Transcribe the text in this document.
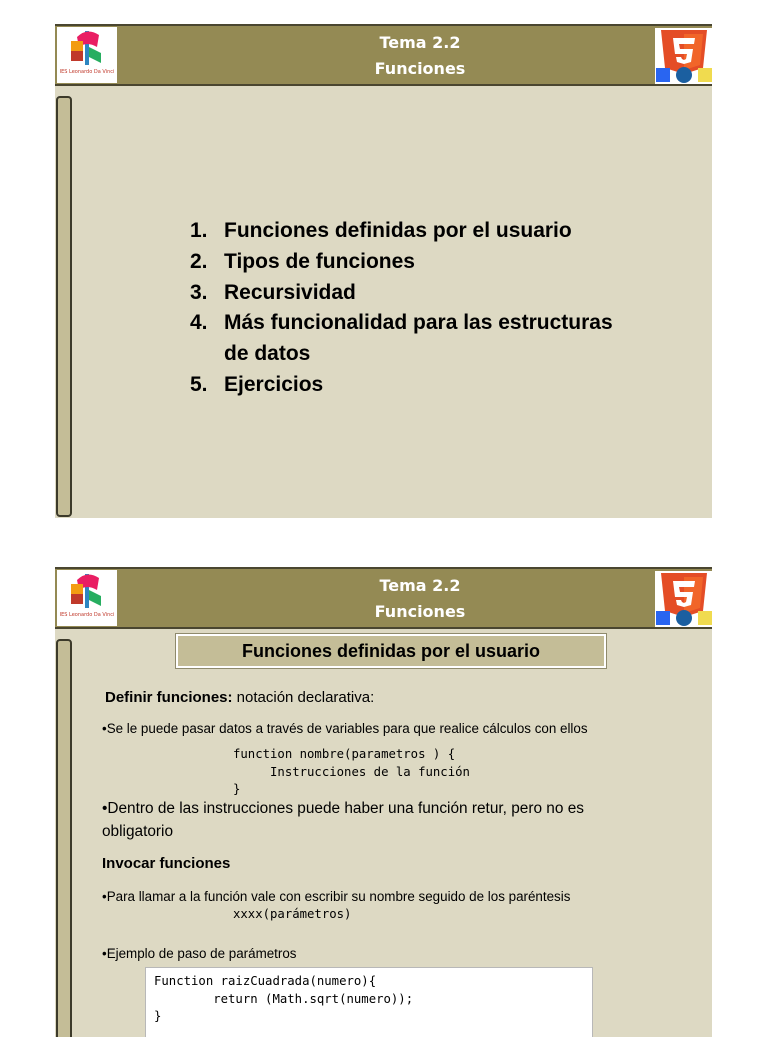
IES Leonardo Da Vinci
Tema 2.2
Funciones
1. Funciones definidas por el usuario
2. Tipos de funciones
3. Recursividad
4. Más funcionalidad para las estructuras
de datos
5. Ejercicios
IES Leonardo Da Vinci
Tema 2.2
Funciones
Funciones definidas por el usuario
Definir funciones: notación declarativa:
•Se le puede pasar datos a través de variables para que realice cálculos con ellos
function nombre(parametros ) {
Instrucciones de la función
}
•Dentro de las instrucciones puede haber una función retur, pero no es
obligatorio
Invocar funciones
•Para llamar a la función vale con escribir su nombre seguido de los paréntesis
xxxx(parámetros)
•Ejemplo de paso de parámetros
Function raizCuadrada(numero){
return (Math.sqrt(numero));
}
